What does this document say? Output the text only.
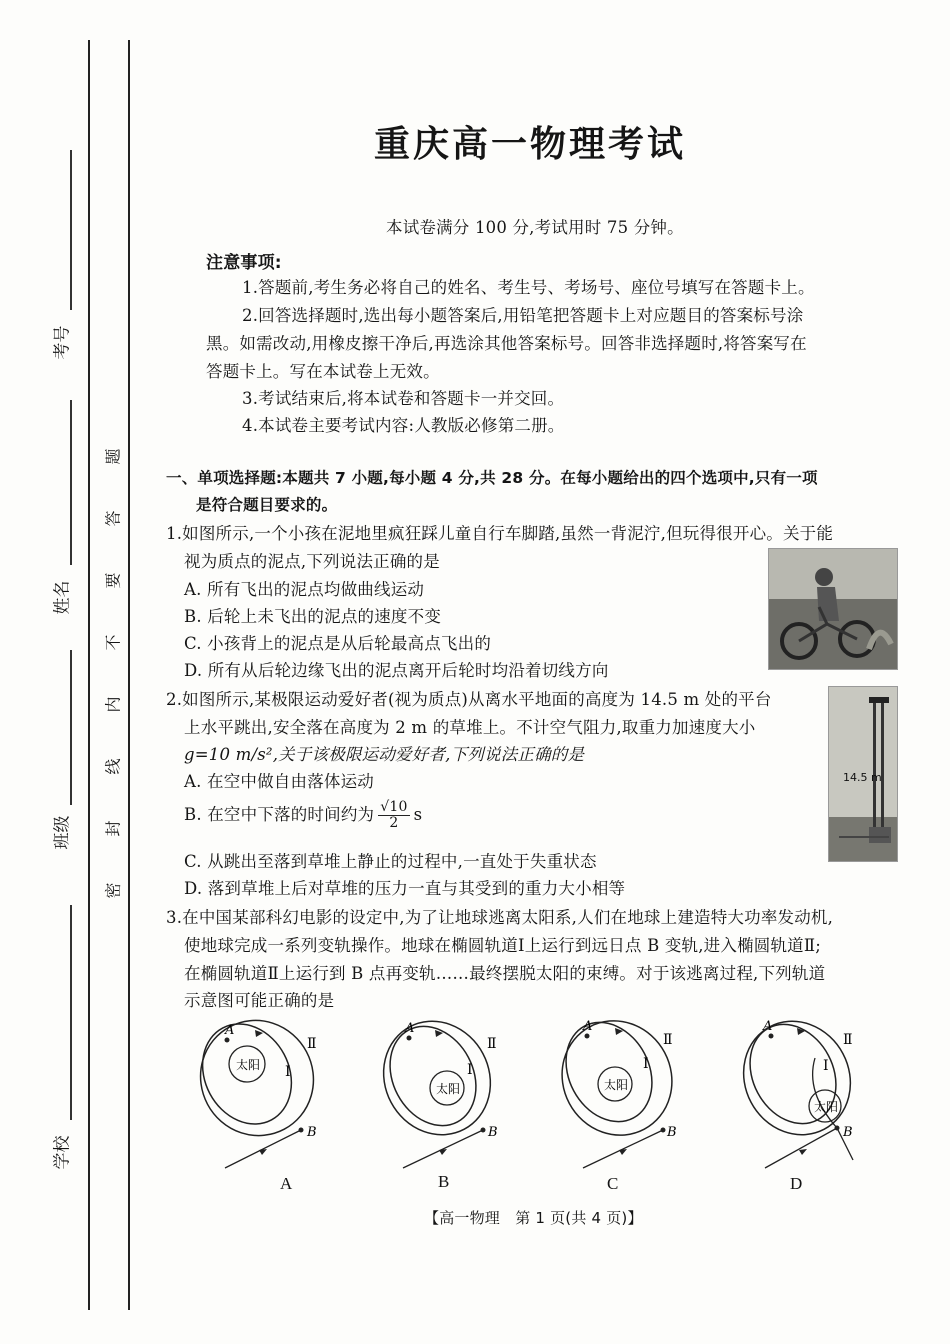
考号
姓名
班级
学校
题
答
要
不
内
线
封
密
重庆高一物理考试
本试卷满分 100 分,考试用时 75 分钟。
注意事项:
1.答题前,考生务必将自己的姓名、考生号、考场号、座位号填写在答题卡上。
2.回答选择题时,选出每小题答案后,用铅笔把答题卡上对应题目的答案标号涂
黑。如需改动,用橡皮擦干净后,再选涂其他答案标号。回答非选择题时,将答案写在
答题卡上。写在本试卷上无效。
3.考试结束后,将本试卷和答题卡一并交回。
4.本试卷主要考试内容:人教版必修第二册。
一、单项选择题:本题共 7 小题,每小题 4 分,共 28 分。在每小题给出的四个选项中,只有一项
是符合题目要求的。
1.如图所示,一个小孩在泥地里疯狂踩儿童自行车脚踏,虽然一背泥泞,但玩得很开心。关于能
视为质点的泥点,下列说法正确的是
A. 所有飞出的泥点均做曲线运动
B. 后轮上未飞出的泥点的速度不变
C. 小孩背上的泥点是从后轮最高点飞出的
D. 所有从后轮边缘飞出的泥点离开后轮时均沿着切线方向
2.如图所示,某极限运动爱好者(视为质点)从离水平地面的高度为 14.5 m 处的平台
上水平跳出,安全落在高度为 2 m 的草堆上。不计空气阻力,取重力加速度大小
g=10 m/s²,关于该极限运动爱好者,下列说法正确的是
A. 在空中做自由落体运动
B. 在空中下落的时间约为 $\frac{√10}{2}$ s
C. 从跳出至落到草堆上静止的过程中,一直处于失重状态
D. 落到草堆上后对草堆的压力一直与其受到的重力大小相等
14.5 m
3.在中国某部科幻电影的设定中,为了让地球逃离太阳系,人们在地球上建造特大功率发动机,
使地球完成一系列变轨操作。地球在椭圆轨道Ⅰ上运行到远日点 B 变轨,进入椭圆轨道Ⅱ;
在椭圆轨道Ⅱ上运行到 B 点再变轨……最终摆脱太阳的束缚。对于该逃离过程,下列轨道
示意图可能正确的是
太阳
A
B
Ⅰ
Ⅱ
A
太阳
A
B
Ⅰ
Ⅱ
B
太阳
A
B
Ⅰ
Ⅱ
C
太阳
A
B
Ⅰ
Ⅱ
D
【高一物理　第 1 页(共 4 页)】
